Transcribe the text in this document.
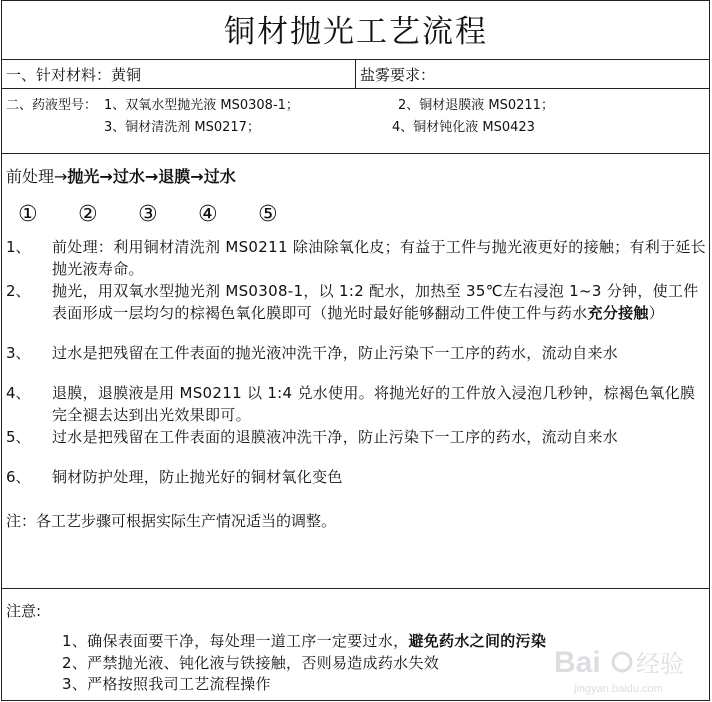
铜材抛光工艺流程
一、针对材料：黄铜	盐雾要求：
二、药液型号： 1、双氧水型抛光液 MS0308-1；	2、铜材退膜液 MS0211；
3、铜材清洗剂 MS0217；	4、铜材钝化液 MS0423
前处理→抛光→过水→退膜→过水
① ② ③ ④ ⑤
1、 前处理：利用铜材清洗剂 MS0211 除油除氧化皮；有益于工件与抛光液更好的接触；有利于延长抛光液寿命。
2、 抛光，用双氧水型抛光剂 MS0308-1，以 1:2 配水，加热至 35℃左右浸泡 1~3 分钟，使工件表面形成一层均匀的棕褐色氧化膜即可（抛光时最好能够翻动工件使工件与药水充分接触）
3、 过水是把残留在工件表面的抛光液冲洗干净，防止污染下一工序的药水，流动自来水
4、 退膜，退膜液是用 MS0211 以 1:4 兑水使用。将抛光好的工件放入浸泡几秒钟，棕褐色氧化膜完全褪去达到出光效果即可。
5、 过水是把残留在工件表面的退膜液冲洗干净，防止污染下一工序的药水，流动自来水
6、 铜材防护处理，防止抛光好的铜材氧化变色
注：各工艺步骤可根据实际生产情况适当的调整。
注意:
1、确保表面要干净，每处理一道工序一定要过水，避免药水之间的污染
2、严禁抛光液、钝化液与铁接触，否则易造成药水失效
3、严格按照我司工艺流程操作
Bai 经验
jingyan.baidu.com
